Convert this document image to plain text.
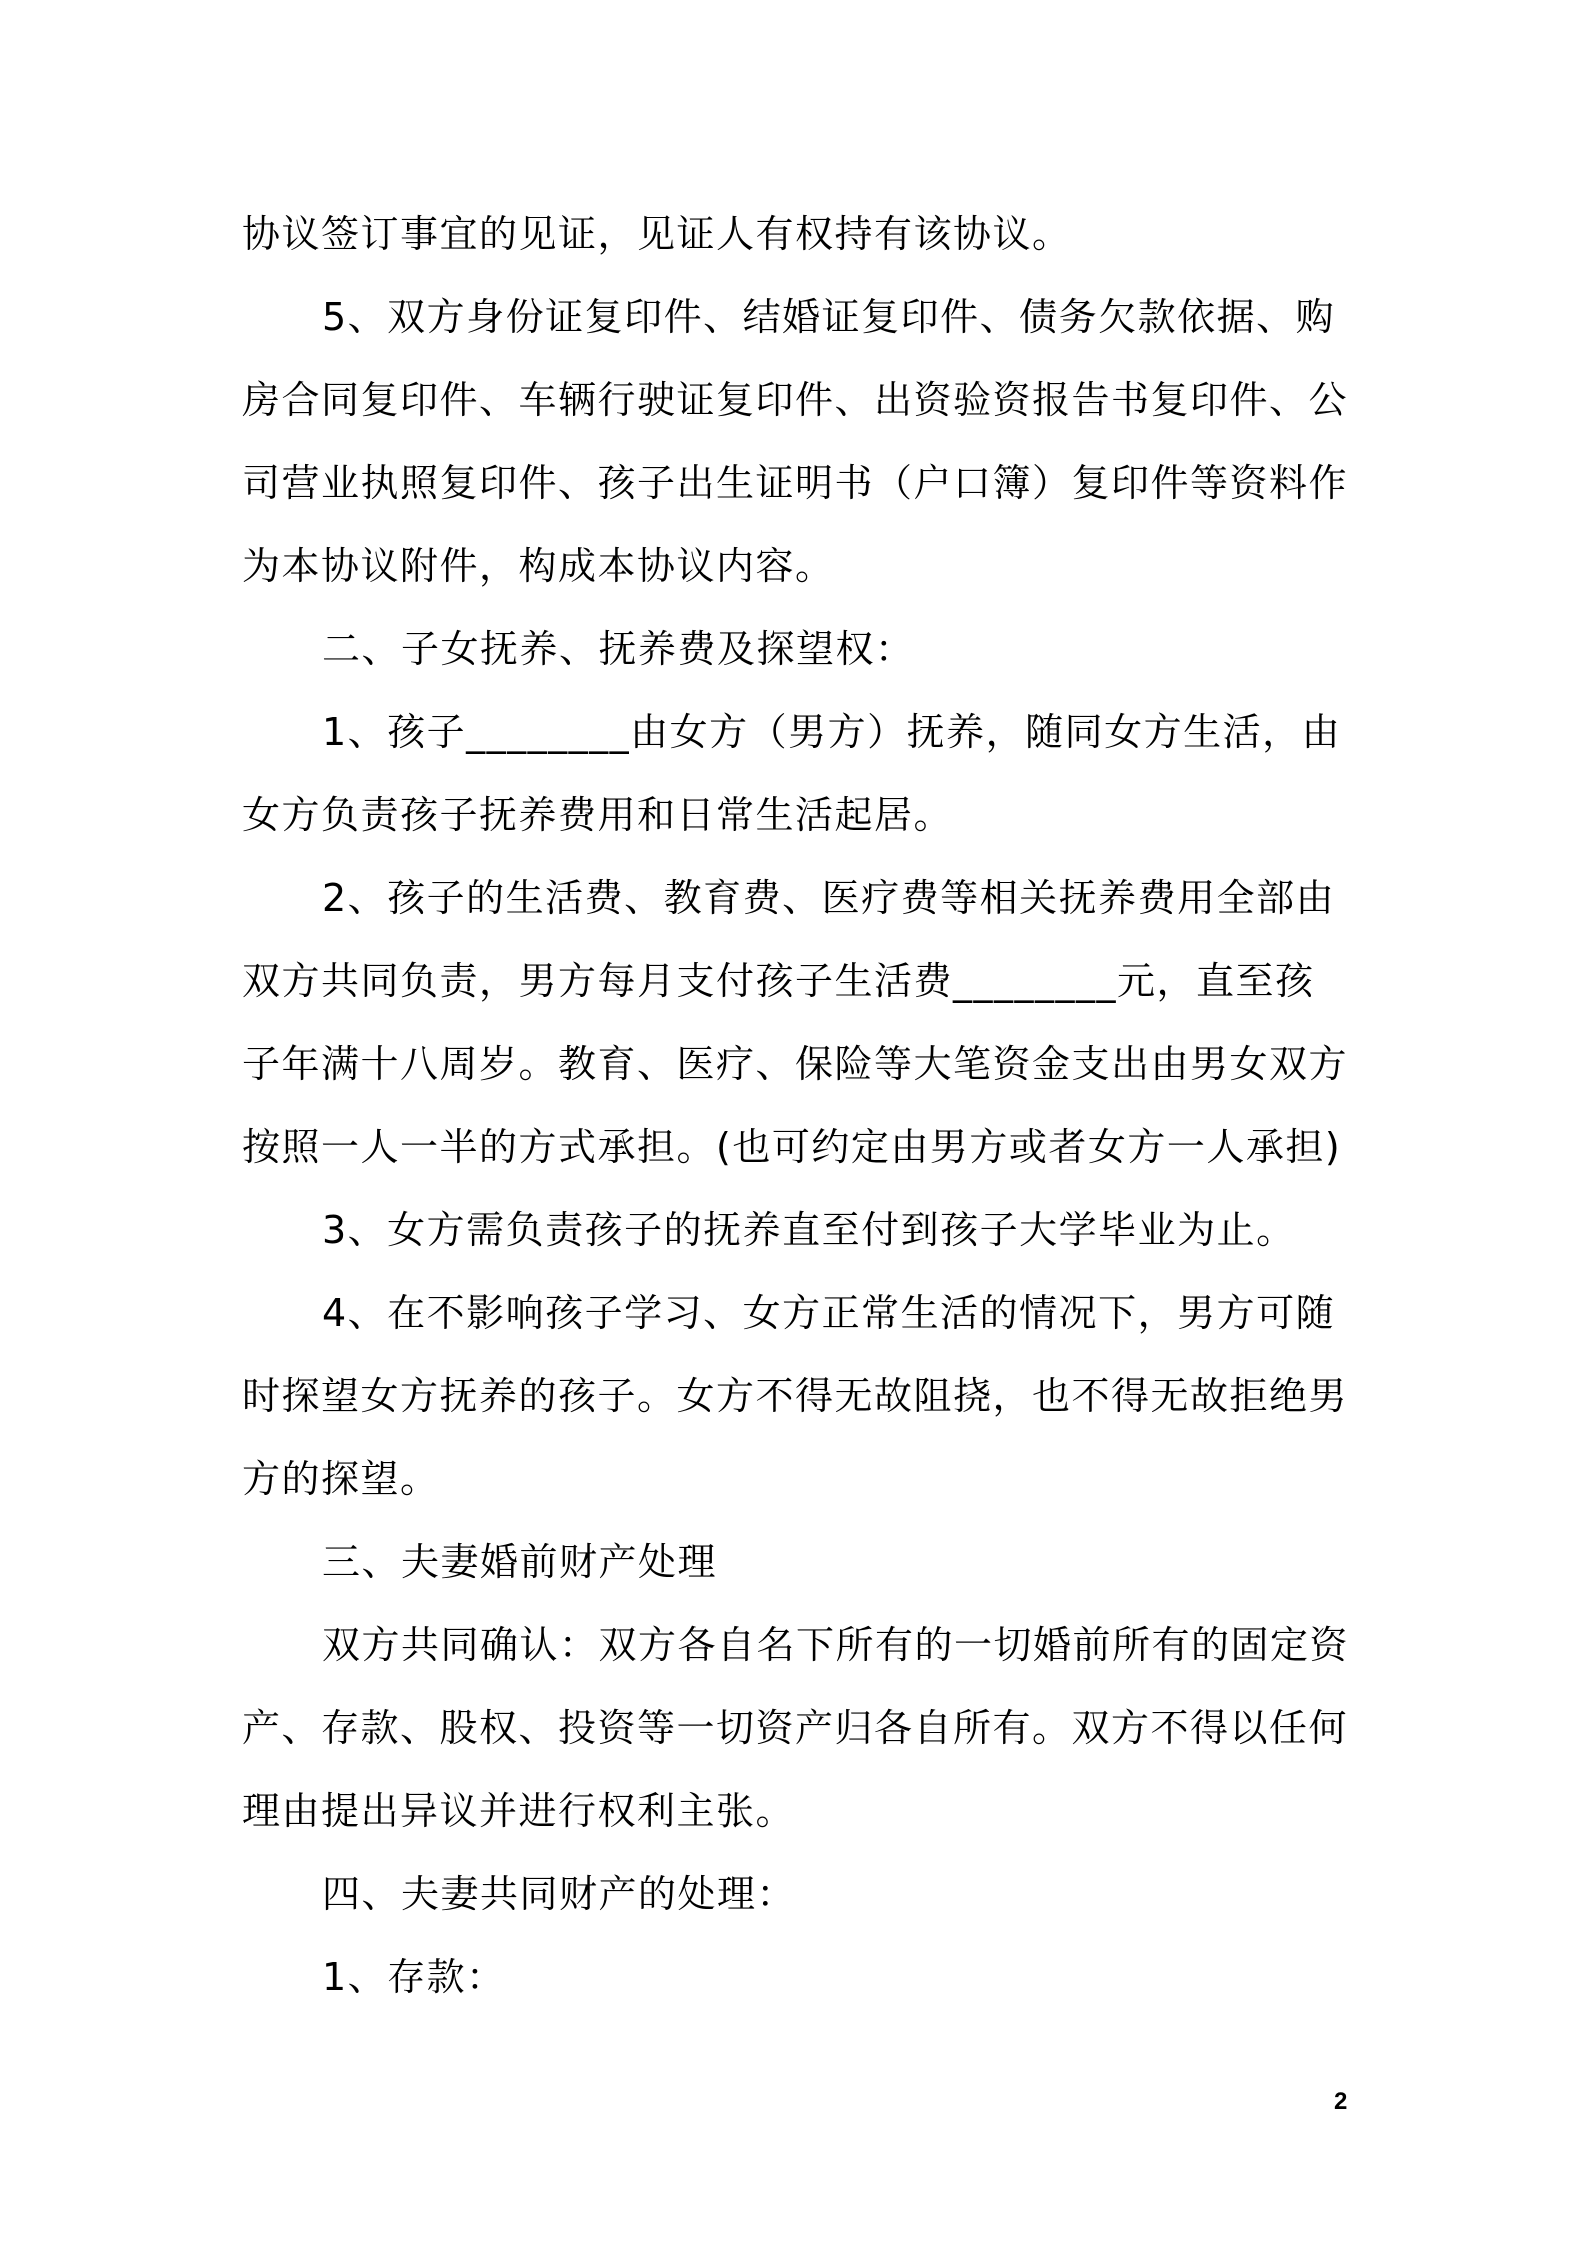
协议签订事宜的见证，见证人有权持有该协议。
5、双方身份证复印件、结婚证复印件、债务欠款依据、购
房合同复印件、车辆行驶证复印件、出资验资报告书复印件、公
司营业执照复印件、孩子出生证明书（户口簿）复印件等资料作
为本协议附件，构成本协议内容。
二、子女抚养、抚养费及探望权：
1、孩子________由女方（男方）抚养，随同女方生活，由
女方负责孩子抚养费用和日常生活起居。
2、孩子的生活费、教育费、医疗费等相关抚养费用全部由
双方共同负责，男方每月支付孩子生活费________元，直至孩
子年满十八周岁。教育、医疗、保险等大笔资金支出由男女双方
按照一人一半的方式承担。(也可约定由男方或者女方一人承担)
3、女方需负责孩子的抚养直至付到孩子大学毕业为止。
4、在不影响孩子学习、女方正常生活的情况下，男方可随
时探望女方抚养的孩子。女方不得无故阻挠，也不得无故拒绝男
方的探望。
三、夫妻婚前财产处理
双方共同确认：双方各自名下所有的一切婚前所有的固定资
产、存款、股权、投资等一切资产归各自所有。双方不得以任何
理由提出异议并进行权利主张。
四、夫妻共同财产的处理：
1、存款：
2
